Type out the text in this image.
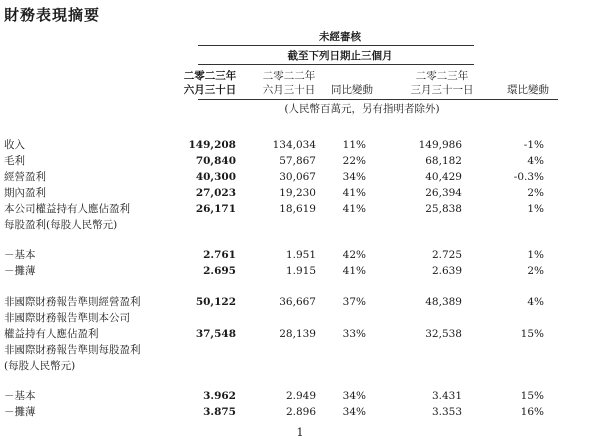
財務表現摘要
未經審核
截至下列日期止三個月
二零二三年
六月三十日
二零二二年
六月三十日	同比變動
二零二三年
三月三十一日	環比變動
(人民幣百萬元，另有指明者除外)
收入	149,208	134,034	11%	149,986	-1%
毛利	70,840	57,867	22%	68,182	4%
經營盈利	40,300	30,067	34%	40,429	-0.3%
期內盈利	27,023	19,230	41%	26,394	2%
本公司權益持有人應佔盈利	26,171	18,619	41%	25,838	1%
每股盈利(每股人民幣元)
－基本	2.761	1.951	42%	2.725	1%
－攤薄	2.695	1.915	41%	2.639	2%
非國際財務報告準則經營盈利	50,122	36,667	37%	48,389	4%
非國際財務報告準則本公司
權益持有人應佔盈利	37,548	28,139	33%	32,538	15%
非國際財務報告準則每股盈利
(每股人民幣元)
－基本	3.962	2.949	34%	3.431	15%
－攤薄	3.875	2.896	34%	3.353	16%
1
